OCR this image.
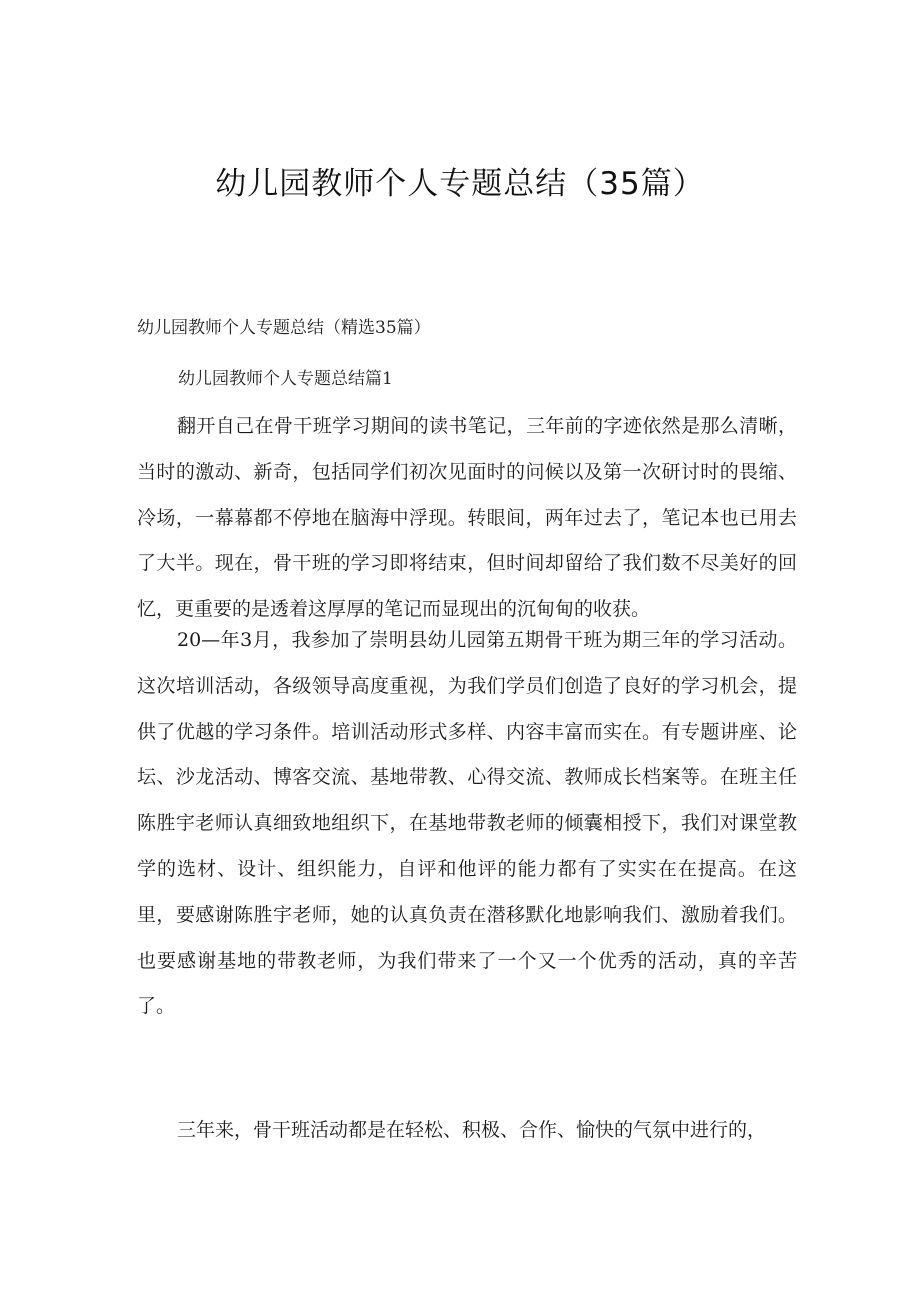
幼儿园教师个人专题总结（35篇）
幼儿园教师个人专题总结（精选35篇）
幼儿园教师个人专题总结篇1

翻开自己在骨干班学习期间的读书笔记，三年前的字迹依然是那么清晰，当时的激动、新奇，包括同学们初次见面时的问候以及第一次研讨时的畏缩、冷场，一幕幕都不停地在脑海中浮现。转眼间，两年过去了，笔记本也已用去了大半。现在，骨干班的学习即将结束，但时间却留给了我们数不尽美好的回忆，更重要的是透着这厚厚的笔记而显现出的沉甸甸的收获。

20—年3月，我参加了崇明县幼儿园第五期骨干班为期三年的学习活动。这次培训活动，各级领导高度重视，为我们学员们创造了良好的学习机会，提供了优越的学习条件。培训活动形式多样、内容丰富而实在。有专题讲座、论坛、沙龙活动、博客交流、基地带教、心得交流、教师成长档案等。在班主任陈胜宇老师认真细致地组织下，在基地带教老师的倾囊相授下，我们对课堂教学的选材、设计、组织能力，自评和他评的能力都有了实实在在提高。在这里，要感谢陈胜宇老师，她的认真负责在潜移默化地影响我们、激励着我们。也要感谢基地的带教老师，为我们带来了一个又一个优秀的活动，真的辛苦了。

三年来，骨干班活动都是在轻松、积极、合作、愉快的气氛中进行的，
